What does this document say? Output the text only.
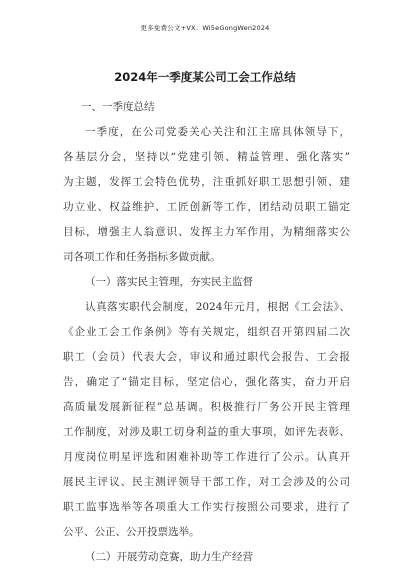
更多免费公文+VX：Wi5eGongWen2024
2024年一季度某公司工会工作总结
一、一季度总结
一季度，在公司党委关心关注和江主席具体领导下，
各基层分会，坚持以“党建引领、精益管理、强化落实”
为主题，发挥工会特色优势，注重抓好职工思想引领、建
功立业、权益维护、工匠创新等工作，团结动员职工锚定
目标，增强主人翁意识、发挥主力军作用，为精细落实公
司各项工作和任务指标多做贡献。
（一）落实民主管理，夯实民主监督
认真落实职代会制度，2024年元月，根据《工会法》、
《企业工会工作条例》等有关规定，组织召开第四届二次
职工（会员）代表大会，审议和通过职代会报告、工会报
告，确定了“锚定目标，坚定信心，强化落实，奋力开启
高质量发展新征程”总基调。积极推行厂务公开民主管理
工作制度，对涉及职工切身利益的重大事项，如评先表彰、
月度岗位明星评选和困难补助等工作进行了公示。认真开
展民主评议、民主测评领导干部工作，对工会涉及的公司
职工监事选举等各项重大工作实行按照公司要求，进行了
公平、公正、公开投票选举。
（二）开展劳动竞赛，助力生产经营
